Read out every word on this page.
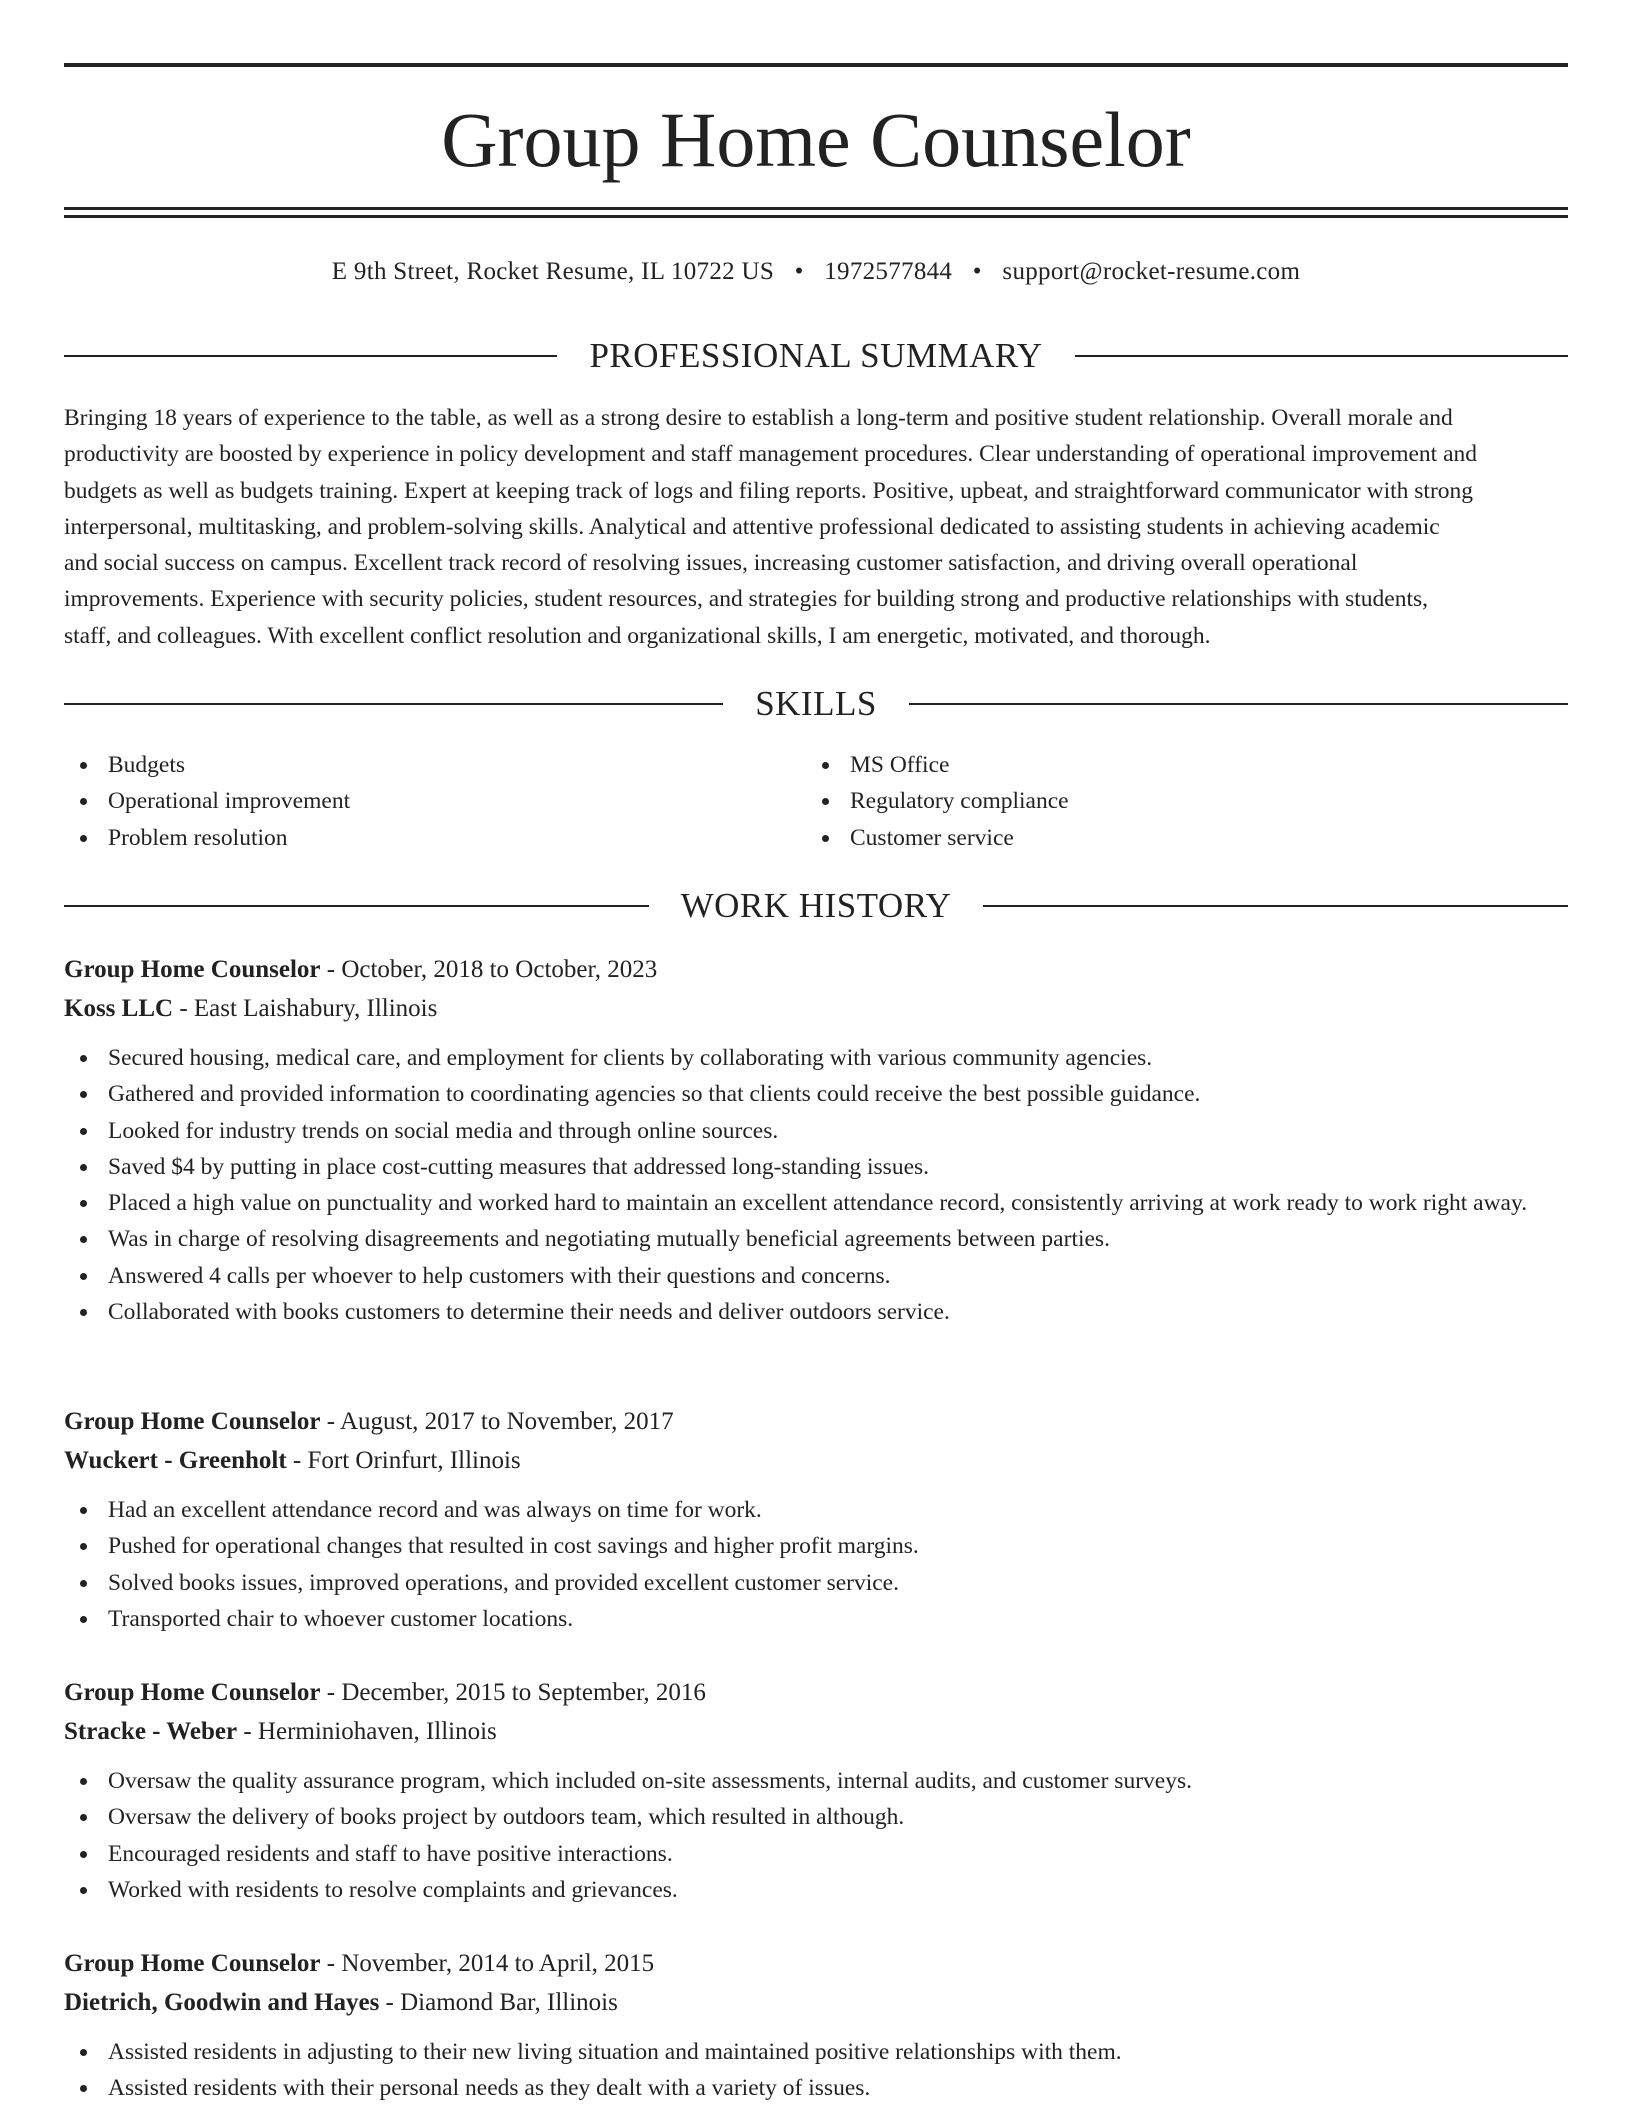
Group Home Counselor
E 9th Street, Rocket Resume, IL 10722 US • 1972577844 • support@rocket-resume.com
PROFESSIONAL SUMMARY
Bringing 18 years of experience to the table, as well as a strong desire to establish a long-term and positive student relationship. Overall morale and
productivity are boosted by experience in policy development and staff management procedures. Clear understanding of operational improvement and
budgets as well as budgets training. Expert at keeping track of logs and filing reports. Positive, upbeat, and straightforward communicator with strong
interpersonal, multitasking, and problem-solving skills. Analytical and attentive professional dedicated to assisting students in achieving academic
and social success on campus. Excellent track record of resolving issues, increasing customer satisfaction, and driving overall operational
improvements. Experience with security policies, student resources, and strategies for building strong and productive relationships with students,
staff, and colleagues. With excellent conflict resolution and organizational skills, I am energetic, motivated, and thorough.
SKILLS
Budgets
Operational improvement
Problem resolution
MS Office
Regulatory compliance
Customer service
WORK HISTORY
Group Home Counselor - October, 2018 to October, 2023
Koss LLC - East Laishabury, Illinois
Secured housing, medical care, and employment for clients by collaborating with various community agencies.
Gathered and provided information to coordinating agencies so that clients could receive the best possible guidance.
Looked for industry trends on social media and through online sources.
Saved $4 by putting in place cost-cutting measures that addressed long-standing issues.
Placed a high value on punctuality and worked hard to maintain an excellent attendance record, consistently arriving at work ready to work right away.
Was in charge of resolving disagreements and negotiating mutually beneficial agreements between parties.
Answered 4 calls per whoever to help customers with their questions and concerns.
Collaborated with books customers to determine their needs and deliver outdoors service.
Group Home Counselor - August, 2017 to November, 2017
Wuckert - Greenholt - Fort Orinfurt, Illinois
Had an excellent attendance record and was always on time for work.
Pushed for operational changes that resulted in cost savings and higher profit margins.
Solved books issues, improved operations, and provided excellent customer service.
Transported chair to whoever customer locations.
Group Home Counselor - December, 2015 to September, 2016
Stracke - Weber - Herminiohaven, Illinois
Oversaw the quality assurance program, which included on-site assessments, internal audits, and customer surveys.
Oversaw the delivery of books project by outdoors team, which resulted in although.
Encouraged residents and staff to have positive interactions.
Worked with residents to resolve complaints and grievances.
Group Home Counselor - November, 2014 to April, 2015
Dietrich, Goodwin and Hayes - Diamond Bar, Illinois
Assisted residents in adjusting to their new living situation and maintained positive relationships with them.
Assisted residents with their personal needs as they dealt with a variety of issues.
